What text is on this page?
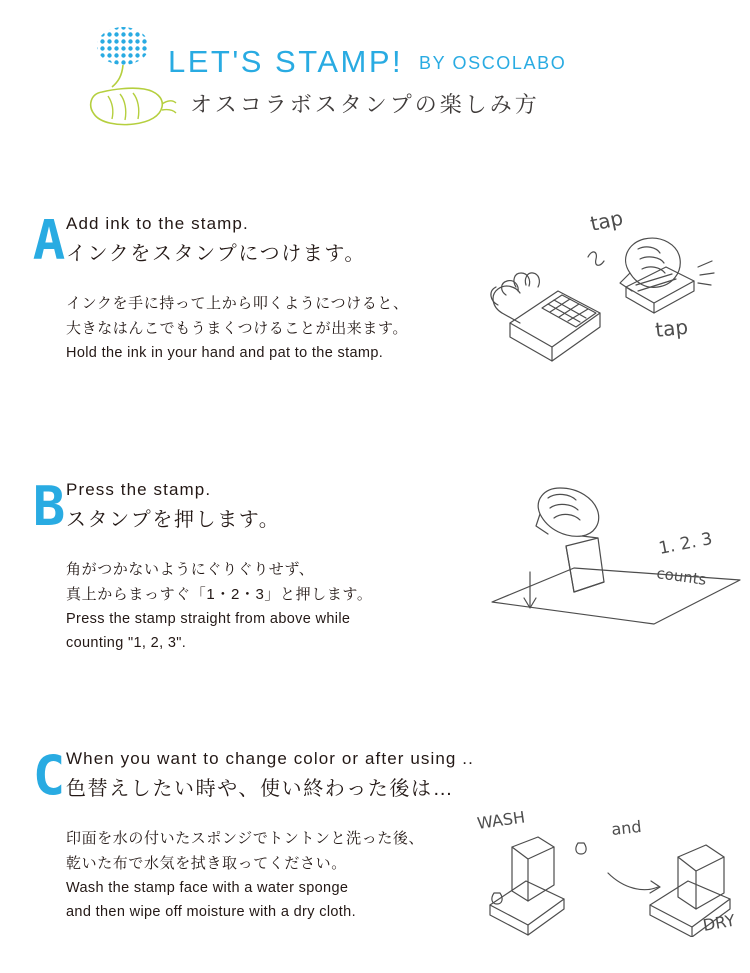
LET'S STAMP! BY OSCOLABO
オスコラボスタンプの楽しみ方
A Add ink to the stamp.
インクをスタンプにつけます。
インクを手に持って上から叩くようにつけると、
大きなはんこでもうまくつけることが出来ます。
Hold the ink in your hand and pat to the stamp.
tap
tap
B Press the stamp.
スタンプを押します。
角がつかないようにぐりぐりせず、
真上からまっすぐ「1・2・3」と押します。
Press the stamp straight from above while
counting "1, 2, 3".
1. 2. 3
counts
C When you want to change color or after using ..
色替えしたい時や、使い終わった後は…
印面を水の付いたスポンジでトントンと洗った後、
乾いた布で水気を拭き取ってください。
Wash the stamp face with a water sponge
and then wipe off moisture with a dry cloth.
WASH	and
DRY
